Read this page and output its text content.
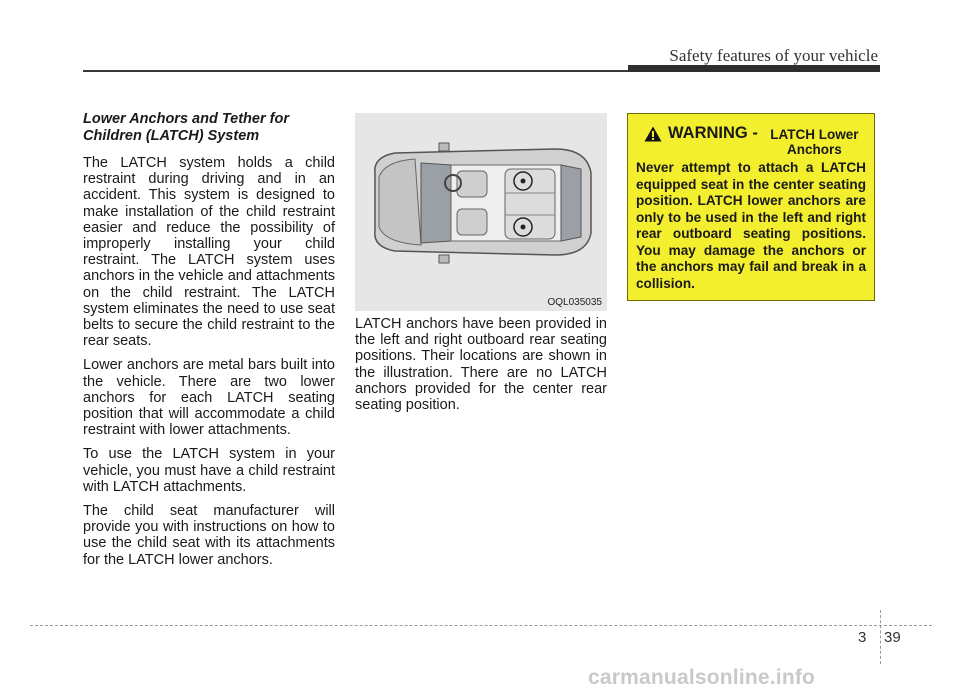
Safety features of your vehicle
Lower Anchors and Tether for Children (LATCH) System

The LATCH system holds a child restraint during driving and in an accident. This system is designed to make installation of the child restraint easier and reduce the possibility of improperly installing your child restraint. The LATCH system uses anchors in the vehicle and attachments on the child restraint. The LATCH system eliminates the need to use seat belts to secure the child restraint to the rear seats.

Lower anchors are metal bars built into the vehicle. There are two lower anchors for each LATCH seating position that will accommodate a child restraint with lower attachments.

To use the LATCH system in your vehicle, you must have a child restraint with LATCH attachments.

The child seat manufacturer will provide you with instructions on how to use the child seat with its attachments for the LATCH lower anchors.

OQL035035

LATCH anchors have been provided in the left and right outboard rear seating positions. Their locations are shown in the illustration. There are no LATCH anchors provided for the center rear seating position.

WARNING - LATCH Lower Anchors

Never attempt to attach a LATCH equipped seat in the center seating position. LATCH lower anchors are only to be used in the left and right rear outboard seating positions. You may damage the anchors or the anchors may fail and break in a collision.

3 39
carmanualsonline.info
